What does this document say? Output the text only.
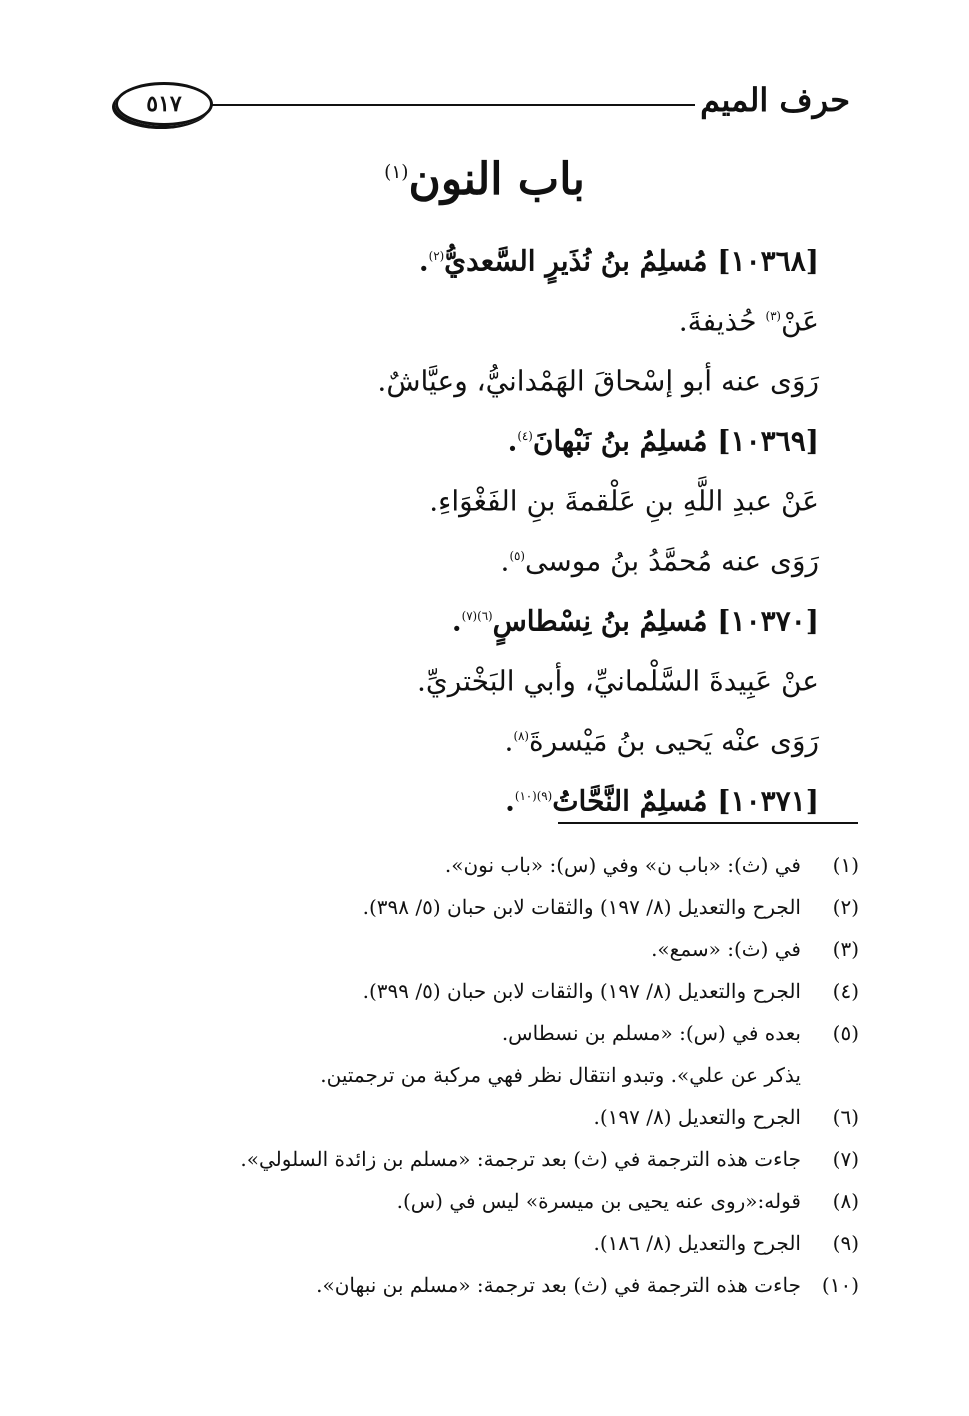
حرف الميم
٥١٧
باب النون$^{(١)}$
[١٠٣٦٨] مُسلِمُ بنُ نُذَيرٍ السَّعديُّ$^{(٢)}$.
عَنْ$^{(٣)}$ حُذيفةَ.
رَوَى عنه أبو إسْحاقَ الهَمْدانيُّ، وعيَّاشٌ.
[١٠٣٦٩] مُسلِمُ بنُ نَبْهانَ$^{(٤)}$.
عَنْ عبدِ اللَّهِ بنِ عَلْقمةَ بنِ الفَغْوَاءِ.
رَوَى عنه مُحمَّدُ بنُ موسى$^{(٥)}$.
[١٠٣٧٠] مُسلِمُ بنُ نِسْطاسٍ$^{(٦)(٧)}$.
عنْ عَبِيدةَ السَّلْمانيِّ، وأبي البَخْتريِّ.
رَوَى عنْه يَحيى بنُ مَيْسرةَ$^{(٨)}$.
[١٠٣٧١] مُسلِمٌ النَّحَّاتُ$^{(٩)(١٠)}$.
(١)في (ث): «باب ن» وفي (س): «باب نون».
(٢)الجرح والتعديل (٨/ ١٩٧) والثقات لابن حبان (٥/ ٣٩٨).
(٣)في (ث): «سمع».
(٤)الجرح والتعديل (٨/ ١٩٧) والثقات لابن حبان (٥/ ٣٩٩).
(٥)بعده في (س): «مسلم بن نسطاس.
يذكر عن علي». وتبدو انتقال نظر فهي مركبة من ترجمتين.
(٦)الجرح والتعديل (٨/ ١٩٧).
(٧)جاءت هذه الترجمة في (ث) بعد ترجمة: «مسلم بن زائدة السلولي».
(٨)قوله:«روى عنه يحيى بن ميسرة» ليس في (س).
(٩)الجرح والتعديل (٨/ ١٨٦).
(١٠)جاءت هذه الترجمة في (ث) بعد ترجمة: «مسلم بن نبهان».
